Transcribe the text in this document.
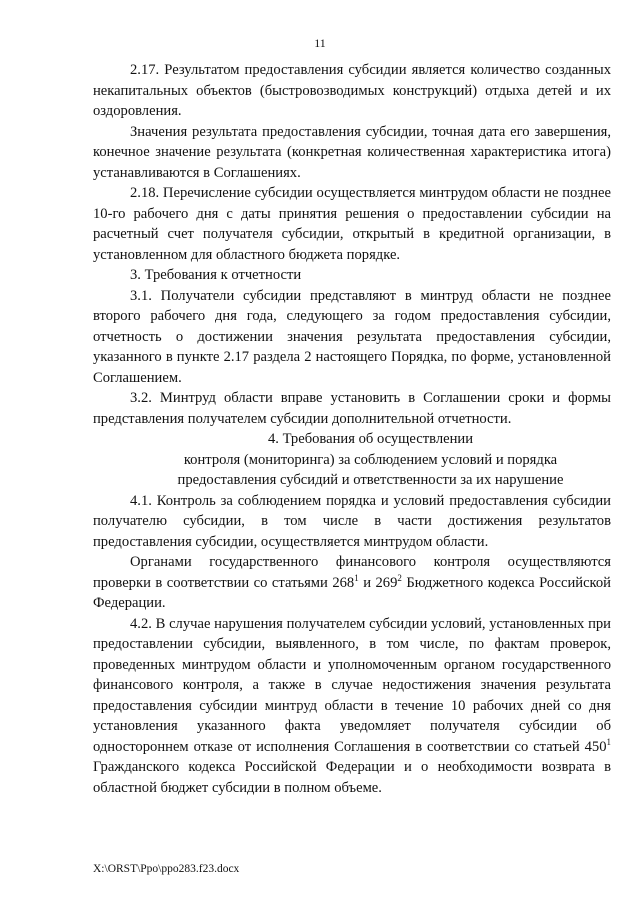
11

2.17. Результатом предоставления субсидии является количество созданных некапитальных объектов (быстровозводимых конструкций) отдыха детей и их оздоровления.

Значения результата предоставления субсидии, точная дата его завершения, конечное значение результата (конкретная количественная характеристика итога) устанавливаются в Соглашениях.

2.18. Перечисление субсидии осуществляется минтрудом области не позднее 10-го рабочего дня с даты принятия решения о предоставлении субсидии на расчетный счет получателя субсидии, открытый в кредитной организации, в установленном для областного бюджета порядке.

3. Требования к отчетности

3.1. Получатели субсидии представляют в минтруд области не позднее второго рабочего дня года, следующего за годом предоставления субсидии, отчетность о достижении значения результата предоставления субсидии, указанного в пункте 2.17 раздела 2 настоящего Порядка, по форме, установленной Соглашением.

3.2. Минтруд области вправе установить в Соглашении сроки и формы представления получателем субсидии дополнительной отчетности.

4. Требования об осуществлении
контроля (мониторинга) за соблюдением условий и порядка
предоставления субсидий и ответственности за их нарушение

4.1. Контроль за соблюдением порядка и условий предоставления субсидии получателю субсидии, в том числе в части достижения результатов предоставления субсидии, осуществляется минтрудом области.

Органами государственного финансового контроля осуществляются проверки в соответствии со статьями $268^1$ и $269^2$ Бюджетного кодекса Российской Федерации.

4.2. В случае нарушения получателем субсидии условий, установленных при предоставлении субсидии, выявленного, в том числе, по фактам проверок, проведенных минтрудом области и уполномоченным органом государственного финансового контроля, а также в случае недостижения значения результата предоставления субсидии минтруд области в течение 10 рабочих дней со дня установления указанного факта уведомляет получателя субсидии об одностороннем отказе от исполнения Соглашения в соответствии со статьей $450^1$ Гражданского кодекса Российской Федерации и о необходимости возврата в областной бюджет субсидии в полном объеме.

X:\ORST\Ppo\ppo283.f23.docx
